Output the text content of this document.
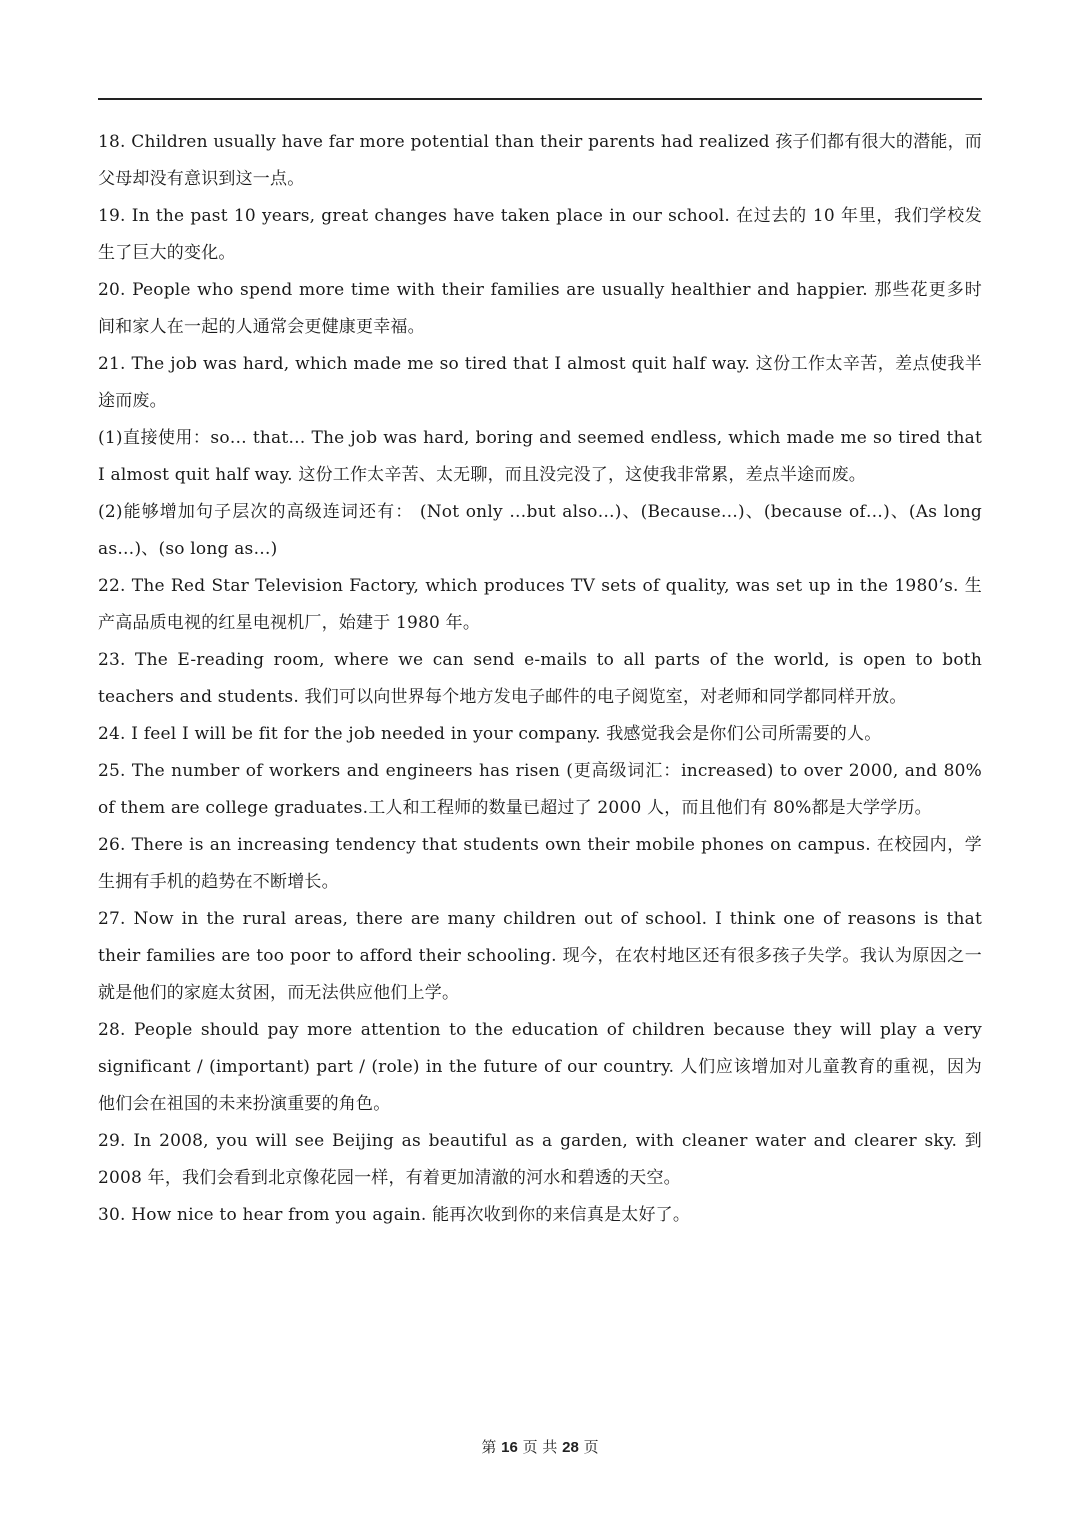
18. Children usually have far more potential than their parents had realized 孩子们都有很大的潜能，而父母却没有意识到这一点。

19. In the past 10 years, great changes have taken place in our school. 在过去的 10 年里，我们学校发生了巨大的变化。

20. People who spend more time with their families are usually healthier and happier. 那些花更多时间和家人在一起的人通常会更健康更幸福。

21. The job was hard, which made me so tired that I almost quit half way. 这份工作太辛苦，差点使我半途而废。

(1)直接使用：so… that… The job was hard, boring and seemed endless, which made me so tired that I almost quit half way. 这份工作太辛苦、太无聊，而且没完没了，这使我非常累，差点半途而废。

(2)能够增加句子层次的高级连词还有： (Not only …but also…)、(Because…)、(because of…)、(As long as…)、(so long as…)

22. The Red Star Television Factory, which produces TV sets of quality, was set up in the 1980’s. 生产高品质电视的红星电视机厂，始建于 1980 年。

23. The E-reading room, where we can send e-mails to all parts of the world, is open to both teachers and students. 我们可以向世界每个地方发电子邮件的电子阅览室，对老师和同学都同样开放。

24. I feel I will be fit for the job needed in your company. 我感觉我会是你们公司所需要的人。

25. The number of workers and engineers has risen (更高级词汇：increased) to over 2000, and 80% of them are college graduates.工人和工程师的数量已超过了 2000 人，而且他们有 80%都是大学学历。

26. There is an increasing tendency that students own their mobile phones on campus. 在校园内，学生拥有手机的趋势在不断增长。

27. Now in the rural areas, there are many children out of school. I think one of reasons is that their families are too poor to afford their schooling. 现今，在农村地区还有很多孩子失学。我认为原因之一就是他们的家庭太贫困，而无法供应他们上学。

28. People should pay more attention to the education of children because they will play a very significant / (important) part / (role) in the future of our country. 人们应该增加对儿童教育的重视，因为他们会在祖国的未来扮演重要的角色。

29. In 2008, you will see Beijing as beautiful as a garden, with cleaner water and clearer sky. 到 2008 年，我们会看到北京像花园一样，有着更加清澈的河水和碧透的天空。

30. How nice to hear from you again. 能再次收到你的来信真是太好了。

第 16 页 共 28 页
